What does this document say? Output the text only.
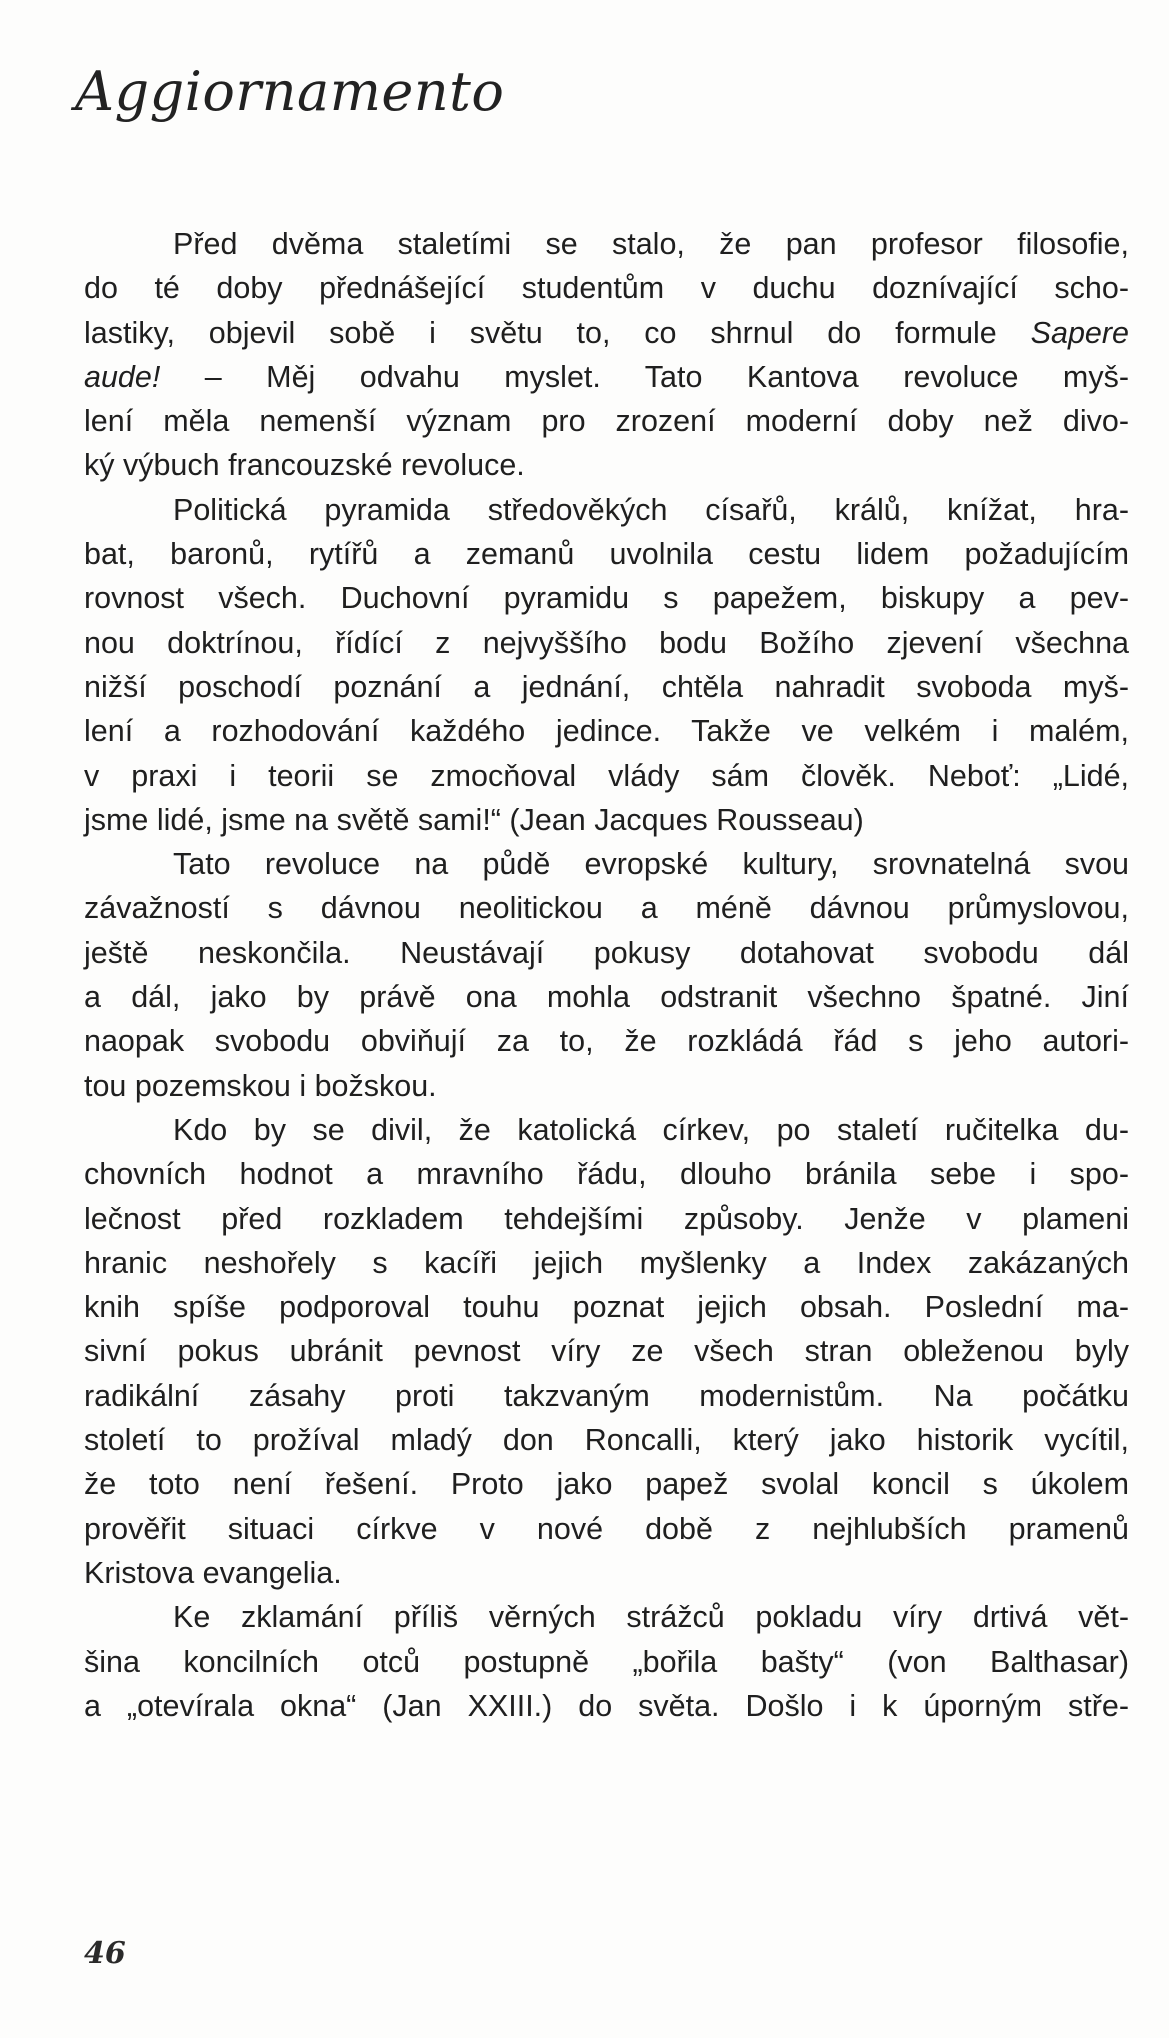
Aggiornamento
Před dvěma staletími se stalo, že pan profesor filosofie,
do té doby přednášející studentům v duchu doznívající scho-
lastiky, objevil sobě i světu to, co shrnul do formule Sapere
aude! – Měj odvahu myslet. Tato Kantova revoluce myš-
lení měla nemenší význam pro zrození moderní doby než divo-
ký výbuch francouzské revoluce.
Politická pyramida středověkých císařů, králů, knížat, hra-
bat, baronů, rytířů a zemanů uvolnila cestu lidem požadujícím
rovnost všech. Duchovní pyramidu s papežem, biskupy a pev-
nou doktrínou, řídící z nejvyššího bodu Božího zjevení všechna
nižší poschodí poznání a jednání, chtěla nahradit svoboda myš-
lení a rozhodování každého jedince. Takže ve velkém i malém,
v praxi i teorii se zmocňoval vlády sám člověk. Neboť: „Lidé,
jsme lidé, jsme na světě sami!“ (Jean Jacques Rousseau)
Tato revoluce na půdě evropské kultury, srovnatelná svou
závažností s dávnou neolitickou a méně dávnou průmyslovou,
ještě neskončila. Neustávají pokusy dotahovat svobodu dál
a dál, jako by právě ona mohla odstranit všechno špatné. Jiní
naopak svobodu obviňují za to, že rozkládá řád s jeho autori-
tou pozemskou i božskou.
Kdo by se divil, že katolická církev, po staletí ručitelka du-
chovních hodnot a mravního řádu, dlouho bránila sebe i spo-
lečnost před rozkladem tehdejšími způsoby. Jenže v plameni
hranic neshořely s kacíři jejich myšlenky a Index zakázaných
knih spíše podporoval touhu poznat jejich obsah. Poslední ma-
sivní pokus ubránit pevnost víry ze všech stran obleženou byly
radikální zásahy proti takzvaným modernistům. Na počátku
století to prožíval mladý don Roncalli, který jako historik vycítil,
že toto není řešení. Proto jako papež svolal koncil s úkolem
prověřit situaci církve v nové době z nejhlubších pramenů
Kristova evangelia.
Ke zklamání příliš věrných strážců pokladu víry drtivá vět-
šina koncilních otců postupně „bořila bašty“ (von Balthasar)
a „otevírala okna“ (Jan XXIII.) do světa. Došlo i k úporným stře-
46
